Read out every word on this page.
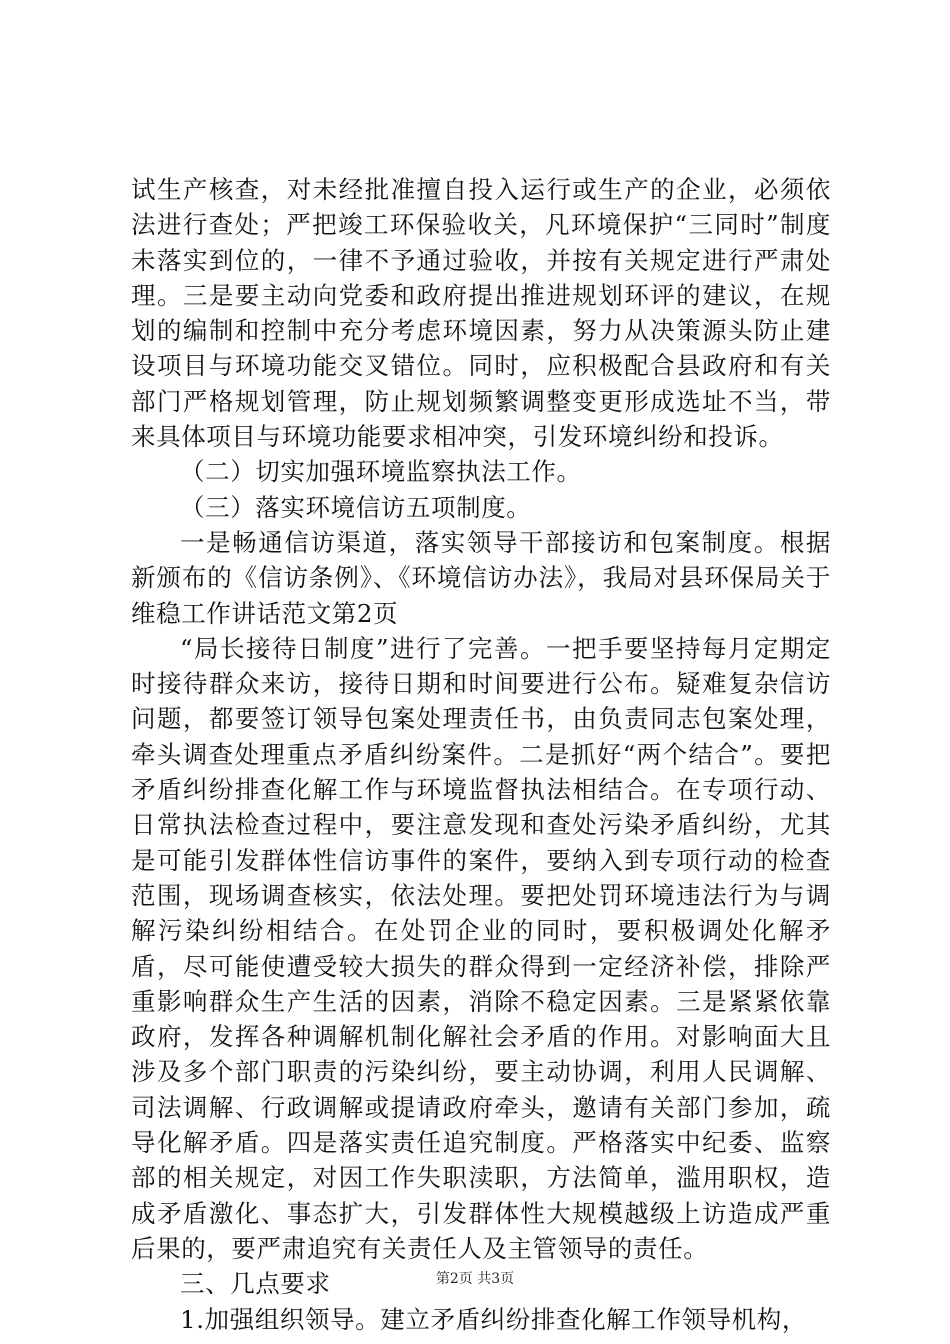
试生产核查，对未经批准擅自投入运行或生产的企业，必须依法进行查处；严把竣工环保验收关，凡环境保护“三同时”制度未落实到位的，一律不予通过验收，并按有关规定进行严肃处理。三是要主动向党委和政府提出推进规划环评的建议，在规划的编制和控制中充分考虑环境因素，努力从决策源头防止建设项目与环境功能交叉错位。同时，应积极配合县政府和有关部门严格规划管理，防止规划频繁调整变更形成选址不当，带来具体项目与环境功能要求相冲突，引发环境纠纷和投诉。

（二）切实加强环境监察执法工作。

（三）落实环境信访五项制度。

一是畅通信访渠道，落实领导干部接访和包案制度。根据新颁布的《信访条例》、《环境信访办法》，我局对县环保局关于维稳工作讲话范文第2页

“局长接待日制度”进行了完善。一把手要坚持每月定期定时接待群众来访，接待日期和时间要进行公布。疑难复杂信访问题，都要签订领导包案处理责任书，由负责同志包案处理，牵头调查处理重点矛盾纠纷案件。二是抓好“两个结合”。要把矛盾纠纷排查化解工作与环境监督执法相结合。在专项行动、日常执法检查过程中，要注意发现和查处污染矛盾纠纷，尤其是可能引发群体性信访事件的案件，要纳入到专项行动的检查范围，现场调查核实，依法处理。要把处罚环境违法行为与调解污染纠纷相结合。在处罚企业的同时，要积极调处化解矛盾，尽可能使遭受较大损失的群众得到一定经济补偿，排除严重影响群众生产生活的因素，消除不稳定因素。三是紧紧依靠政府，发挥各种调解机制化解社会矛盾的作用。对影响面大且涉及多个部门职责的污染纠纷，要主动协调，利用人民调解、司法调解、行政调解或提请政府牵头，邀请有关部门参加，疏导化解矛盾。四是落实责任追究制度。严格落实中纪委、监察部的相关规定，对因工作失职渎职，方法简单，滥用职权，造成矛盾激化、事态扩大，引发群体性大规模越级上访造成严重后果的，要严肃追究有关责任人及主管领导的责任。

三、几点要求

1.加强组织领导。建立矛盾纠纷排查化解工作领导机构，

第2页 共3页
